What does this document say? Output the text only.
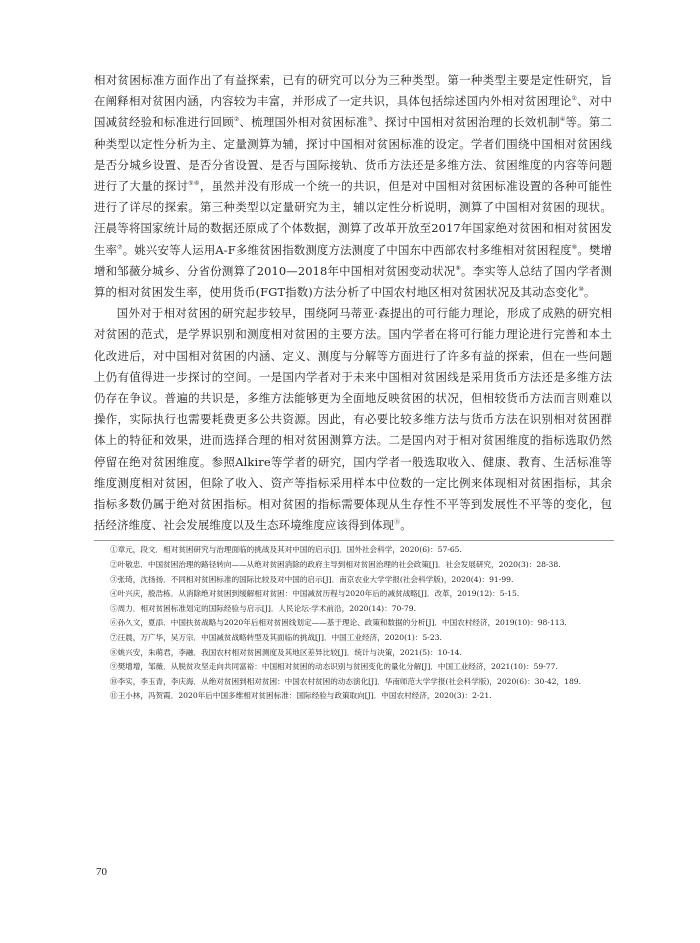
相对贫困标准方面作出了有益探索，已有的研究可以分为三种类型。第一种类型主要是定性研究，旨在阐释相对贫困内涵，内容较为丰富，并形成了一定共识，具体包括综述国内外相对贫困理论①、对中国减贫经验和标准进行回顾②、梳理国外相对贫困标准③、探讨中国相对贫困治理的长效机制④等。第二种类型以定性分析为主、定量测算为辅，探讨中国相对贫困标准的设定。学者们围绕中国相对贫困线是否分城乡设置、是否分省设置、是否与国际接轨、货币方法还是多维方法、贫困维度的内容等问题进行了大量的探讨⑤⑥，虽然并没有形成一个统一的共识，但是对中国相对贫困标准设置的各种可能性进行了详尽的探索。第三种类型以定量研究为主，辅以定性分析说明，测算了中国相对贫困的现状。汪晨等将国家统计局的数据还原成了个体数据，测算了改革开放至2017年国家绝对贫困和相对贫困发生率⑦。姚兴安等人运用A-F多维贫困指数测度方法测度了中国东中西部农村多维相对贫困程度⑧。樊增增和邹薇分城乡、分省份测算了2010—2018年中国相对贫困变动状况⑨。李实等人总结了国内学者测算的相对贫困发生率，使用货币(FGT指数)方法分析了中国农村地区相对贫困状况及其动态变化⑩。

国外对于相对贫困的研究起步较早，围绕阿马蒂亚·森提出的可行能力理论，形成了成熟的研究相对贫困的范式，是学界识别和测度相对贫困的主要方法。国内学者在将可行能力理论进行完善和本土化改进后，对中国相对贫困的内涵、定义、测度与分解等方面进行了许多有益的探索，但在一些问题上仍有值得进一步探讨的空间。一是国内学者对于未来中国相对贫困线是采用货币方法还是多维方法仍存在争议。普遍的共识是，多维方法能够更为全面地反映贫困的状况，但相较货币方法而言则难以操作，实际执行也需要耗费更多公共资源。因此，有必要比较多维方法与货币方法在识别相对贫困群体上的特征和效果，进而选择合理的相对贫困测算方法。二是国内对于相对贫困维度的指标选取仍然停留在绝对贫困维度。参照Alkire等学者的研究，国内学者一般选取收入、健康、教育、生活标准等维度测度相对贫困，但除了收入、资产等指标采用样本中位数的一定比例来体现相对贫困指标，其余指标多数仍属于绝对贫困指标。相对贫困的指标需要体现从生存性不平等到发展性不平等的变化，包括经济维度、社会发展维度以及生态环境维度应该得到体现⑪。

①章元，段文．相对贫困研究与治理面临的挑战及其对中国的启示[J]．国外社会科学，2020(6)：57-65.

②叶敬忠．中国贫困治理的路径转向——从绝对贫困消除的政府主导到相对贫困治理的社会政策[J]．社会发展研究，2020(3)：28-38.

③张琦，沈扬扬．不同相对贫困标准的国际比较及对中国的启示[J]．南京农业大学学报(社会科学版)，2020(4)：91-99.

④叶兴庆，殷浩栋．从消除绝对贫困到缓解相对贫困：中国减贫历程与2020年后的减贫战略[J]．改革，2019(12)：5-15.

⑤周力．相对贫困标准划定的国际经验与启示[J]．人民论坛·学术前沿，2020(14)：70-79.

⑥孙久文，夏添．中国扶贫战略与2020年后相对贫困线划定——基于理论、政策和数据的分析[J]．中国农村经济，2019(10)：98-113.

⑦汪晨，万广华，吴万宗．中国减贫战略转型及其面临的挑战[J]．中国工业经济，2020(1)：5-23.

⑧姚兴安，朱萌君，李融．我国农村相对贫困测度及其地区差异比较[J]．统计与决策，2021(5)：10-14.

⑨樊增增，邹薇．从脱贫攻坚走向共同富裕：中国相对贫困的动态识别与贫困变化的量化分解[J]．中国工业经济，2021(10)：59-77.

⑩李实，李玉青，李庆海．从绝对贫困到相对贫困：中国农村贫困的动态演化[J]．华南师范大学学报(社会科学版)，2020(6)：30-42，189.

⑪王小林，冯贺霞．2020年后中国多维相对贫困标准：国际经验与政策取向[J]．中国农村经济，2020(3)：2-21.

70
